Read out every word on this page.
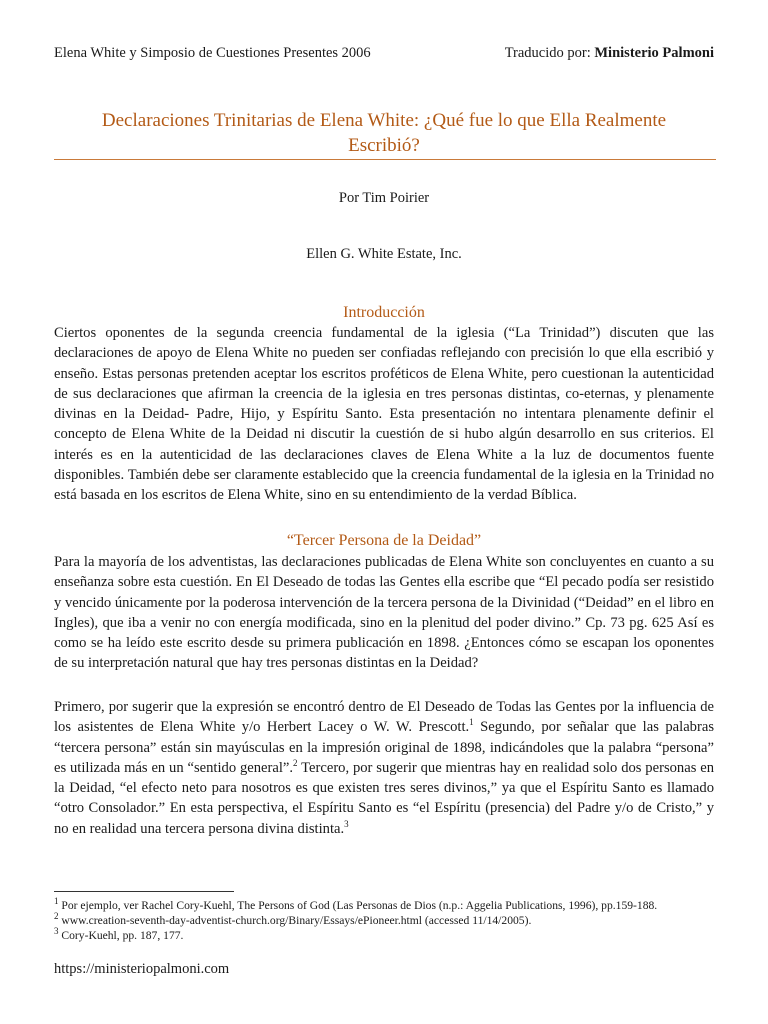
Elena White y Simposio de Cuestiones Presentes 2006	Traducido por: Ministerio Palmoni
Declaraciones Trinitarias de Elena White: ¿Qué fue lo que Ella Realmente
Escribió?
Por Tim Poirier
Ellen G. White Estate, Inc.
Introducción
Ciertos oponentes de la segunda creencia fundamental de la iglesia (“La Trinidad”) discuten que las declaraciones de apoyo de Elena White no pueden ser confiadas reflejando con precisión lo que ella escribió y enseño. Estas personas pretenden aceptar los escritos proféticos de Elena White, pero cuestionan la autenticidad de sus declaraciones que afirman la creencia de la iglesia en tres personas distintas, co-eternas, y plenamente divinas en la Deidad- Padre, Hijo, y Espíritu Santo. Esta presentación no intentara plenamente definir el concepto de Elena White de la Deidad ni discutir la cuestión de si hubo algún desarrollo en sus criterios. El interés es en la autenticidad de las declaraciones claves de Elena White a la luz de documentos fuente disponibles. También debe ser claramente establecido que la creencia fundamental de la iglesia en la Trinidad no está basada en los escritos de Elena White, sino en su entendimiento de la verdad Bíblica.
“Tercer Persona de la Deidad”
Para la mayoría de los adventistas, las declaraciones publicadas de Elena White son concluyentes en cuanto a su enseñanza sobre esta cuestión. En El Deseado de todas las Gentes ella escribe que “El pecado podía ser resistido y vencido únicamente por la poderosa intervención de la tercera persona de la Divinidad (“Deidad” en el libro en Ingles), que iba a venir no con energía modificada, sino en la plenitud del poder divino.” Cp. 73 pg. 625 Así es como se ha leído este escrito desde su primera publicación en 1898. ¿Entonces cómo se escapan los oponentes de su interpretación natural que hay tres personas distintas en la Deidad?
Primero, por sugerir que la expresión se encontró dentro de El Deseado de Todas las Gentes por la influencia de los asistentes de Elena White y/o Herbert Lacey o W. W. Prescott.$^1$ Segundo, por señalar que las palabras “tercera persona” están sin mayúsculas en la impresión original de 1898, indicándoles que la palabra “persona” es utilizada más en un “sentido general”.$^2$ Tercero, por sugerir que mientras hay en realidad solo dos personas en la Deidad, “el efecto neto para nosotros es que existen tres seres divinos,” ya que el Espíritu Santo es llamado “otro Consolador.” En esta perspectiva, el Espíritu Santo es “el Espíritu (presencia) del Padre y/o de Cristo,” y no en realidad una tercera persona divina distinta.$^3$
$^1$ Por ejemplo, ver Rachel Cory-Kuehl, The Persons of God (Las Personas de Dios (n.p.: Aggelia Publications, 1996), pp.159-188.
$^2$ www.creation-seventh-day-adventist-church.org/Binary/Essays/ePioneer.html (accessed 11/14/2005).
$^3$ Cory-Kuehl, pp. 187, 177.
https://ministeriopalmoni.com
